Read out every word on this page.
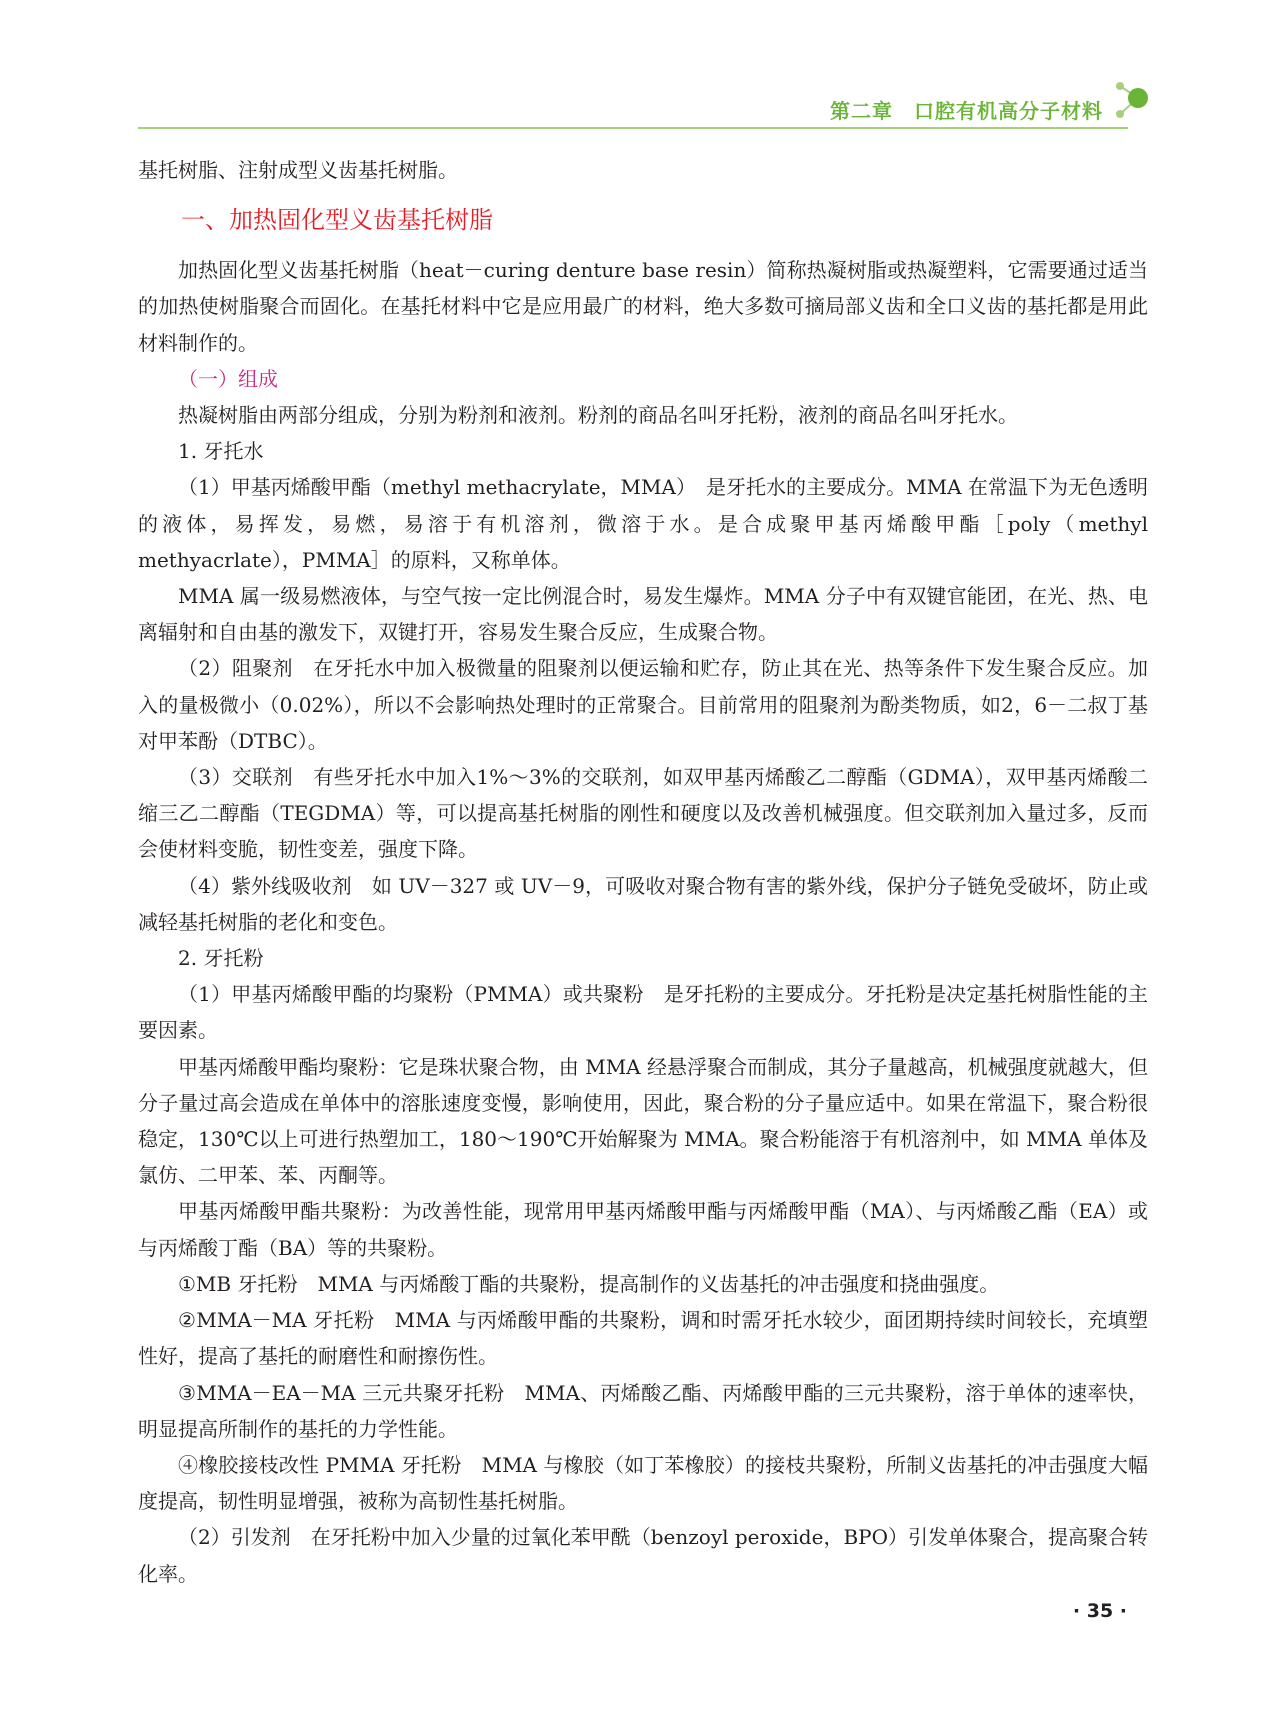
第二章　口腔有机高分子材料

基托树脂、注射成型义齿基托树脂。

一、加热固化型义齿基托树脂

加热固化型义齿基托树脂（heat－curing denture base resin）简称热凝树脂或热凝塑料，它需要通过适当的加热使树脂聚合而固化。在基托材料中它是应用最广的材料，绝大多数可摘局部义齿和全口义齿的基托都是用此材料制作的。

（一）组成

热凝树脂由两部分组成，分别为粉剂和液剂。粉剂的商品名叫牙托粉，液剂的商品名叫牙托水。

1. 牙托水

（1）甲基丙烯酸甲酯（methyl methacrylate，MMA）　是牙托水的主要成分。MMA 在常温下为无色透明的液体，易挥发，易燃，易溶于有机溶剂，微溶于水。是合成聚甲基丙烯酸甲酯［poly（methyl methyacrlate），PMMA］的原料，又称单体。

MMA 属一级易燃液体，与空气按一定比例混合时，易发生爆炸。MMA 分子中有双键官能团，在光、热、电离辐射和自由基的激发下，双键打开，容易发生聚合反应，生成聚合物。

（2）阻聚剂　在牙托水中加入极微量的阻聚剂以便运输和贮存，防止其在光、热等条件下发生聚合反应。加入的量极微小（0.02%），所以不会影响热处理时的正常聚合。目前常用的阻聚剂为酚类物质，如2，6－二叔丁基对甲苯酚（DTBC）。

（3）交联剂　有些牙托水中加入1%～3%的交联剂，如双甲基丙烯酸乙二醇酯（GDMA），双甲基丙烯酸二缩三乙二醇酯（TEGDMA）等，可以提高基托树脂的刚性和硬度以及改善机械强度。但交联剂加入量过多，反而会使材料变脆，韧性变差，强度下降。

（4）紫外线吸收剂　如 UV－327 或 UV－9，可吸收对聚合物有害的紫外线，保护分子链免受破坏，防止或减轻基托树脂的老化和变色。

2. 牙托粉

（1）甲基丙烯酸甲酯的均聚粉（PMMA）或共聚粉　是牙托粉的主要成分。牙托粉是决定基托树脂性能的主要因素。

甲基丙烯酸甲酯均聚粉：它是珠状聚合物，由 MMA 经悬浮聚合而制成，其分子量越高，机械强度就越大，但分子量过高会造成在单体中的溶胀速度变慢，影响使用，因此，聚合粉的分子量应适中。如果在常温下，聚合粉很稳定，130℃以上可进行热塑加工，180～190℃开始解聚为 MMA。聚合粉能溶于有机溶剂中，如 MMA 单体及氯仿、二甲苯、苯、丙酮等。

甲基丙烯酸甲酯共聚粉：为改善性能，现常用甲基丙烯酸甲酯与丙烯酸甲酯（MA）、与丙烯酸乙酯（EA）或与丙烯酸丁酯（BA）等的共聚粉。

①MB 牙托粉　MMA 与丙烯酸丁酯的共聚粉，提高制作的义齿基托的冲击强度和挠曲强度。

②MMA－MA 牙托粉　MMA 与丙烯酸甲酯的共聚粉，调和时需牙托水较少，面团期持续时间较长，充填塑性好，提高了基托的耐磨性和耐擦伤性。

③MMA－EA－MA 三元共聚牙托粉　MMA、丙烯酸乙酯、丙烯酸甲酯的三元共聚粉，溶于单体的速率快，明显提高所制作的基托的力学性能。

④橡胶接枝改性 PMMA 牙托粉　MMA 与橡胶（如丁苯橡胶）的接枝共聚粉，所制义齿基托的冲击强度大幅度提高，韧性明显增强，被称为高韧性基托树脂。

（2）引发剂　在牙托粉中加入少量的过氧化苯甲酰（benzoyl peroxide，BPO）引发单体聚合，提高聚合转化率。

· 35 ·
